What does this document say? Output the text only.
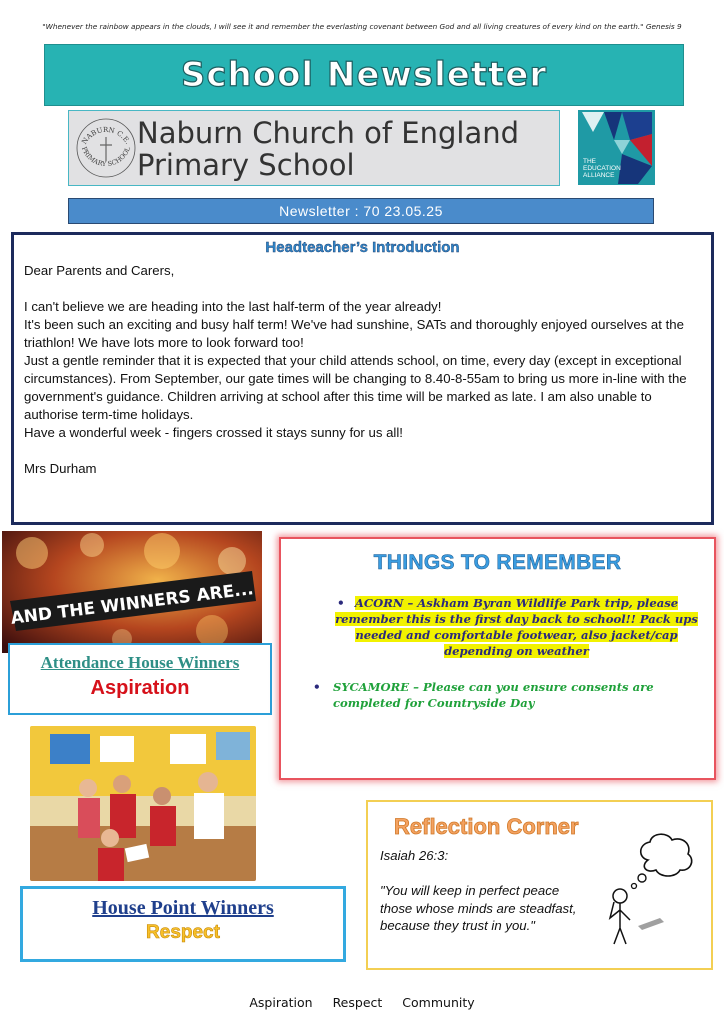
"Whenever the rainbow appears in the clouds, I will see it and remember the everlasting covenant between God and all living creatures of every kind on the earth." Genesis 9
School Newsletter
NABURN C.E.
PRIMARY SCHOOL Naburn Church of England
Primary School	THE
EDUCATION
ALLIANCE
Newsletter : 70 23.05.25
Headteacher’s Introduction

Dear Parents and Carers,

I can't believe we are heading into the last half-term of the year already!

It's been such an exciting and busy half term! We've had sunshine, SATs and thoroughly enjoyed ourselves at the triathlon! We have lots more to look forward too!

Just a gentle reminder that it is expected that your child attends school, on time, every day (except in exceptional circumstances). From September, our gate times will be changing to 8.40-8-55am to bring us more in-line with the government's guidance. Children arriving at school after this time will be marked as late. I am also unable to authorise term-time holidays.

Have a wonderful week - fingers crossed it stays sunny for us all!

Mrs Durham

AND THE WINNERS ARE...
Attendance House Winners
Aspiration
House Point Winners
Respect
THINGS TO REMEMBER
• ACORN – Askham Byran Wildlife Park trip, please remember this is the first day back to school!! Pack ups needed and comfortable footwear, also jacket/cap depending on weather
• SYCAMORE – Please can you ensure consents are completed for Countryside Day
Reflection Corner
Isaiah 26:3:
"You will keep in perfect peace those whose minds are steadfast, because they trust in you."
Aspiration Respect Community
